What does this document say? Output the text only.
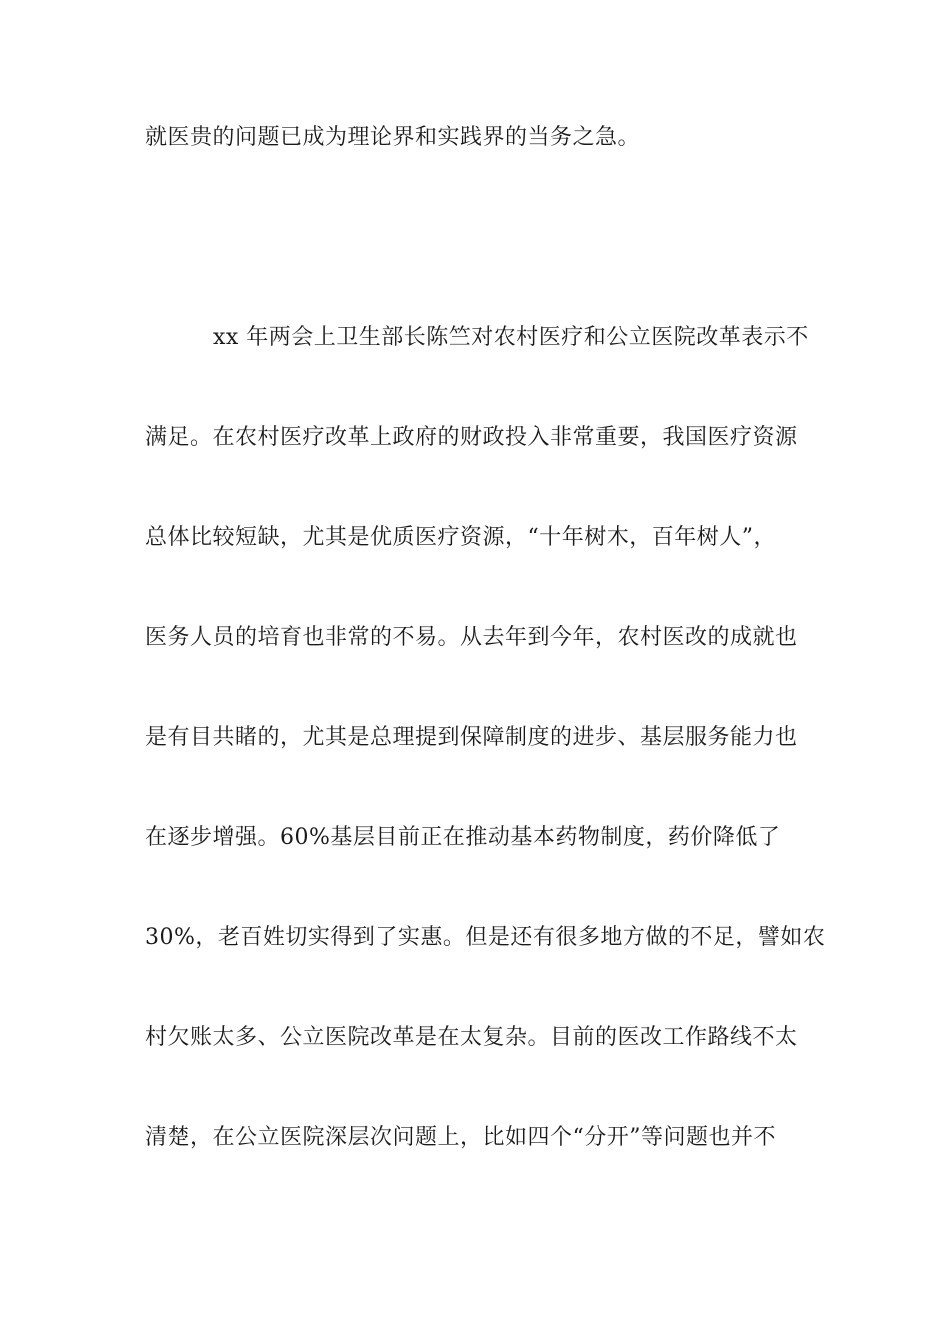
就医贵的问题已成为理论界和实践界的当务之急。
xx 年两会上卫生部长陈竺对农村医疗和公立医院改革表示不
满足。在农村医疗改革上政府的财政投入非常重要，我国医疗资源
总体比较短缺，尤其是优质医疗资源，“十年树木，百年树人”，
医务人员的培育也非常的不易。从去年到今年，农村医改的成就也
是有目共睹的，尤其是总理提到保障制度的进步、基层服务能力也
在逐步增强。60%基层目前正在推动基本药物制度，药价降低了
30%，老百姓切实得到了实惠。但是还有很多地方做的不足，譬如农
村欠账太多、公立医院改革是在太复杂。目前的医改工作路线不太
清楚，在公立医院深层次问题上，比如四个“分开”等问题也并不
